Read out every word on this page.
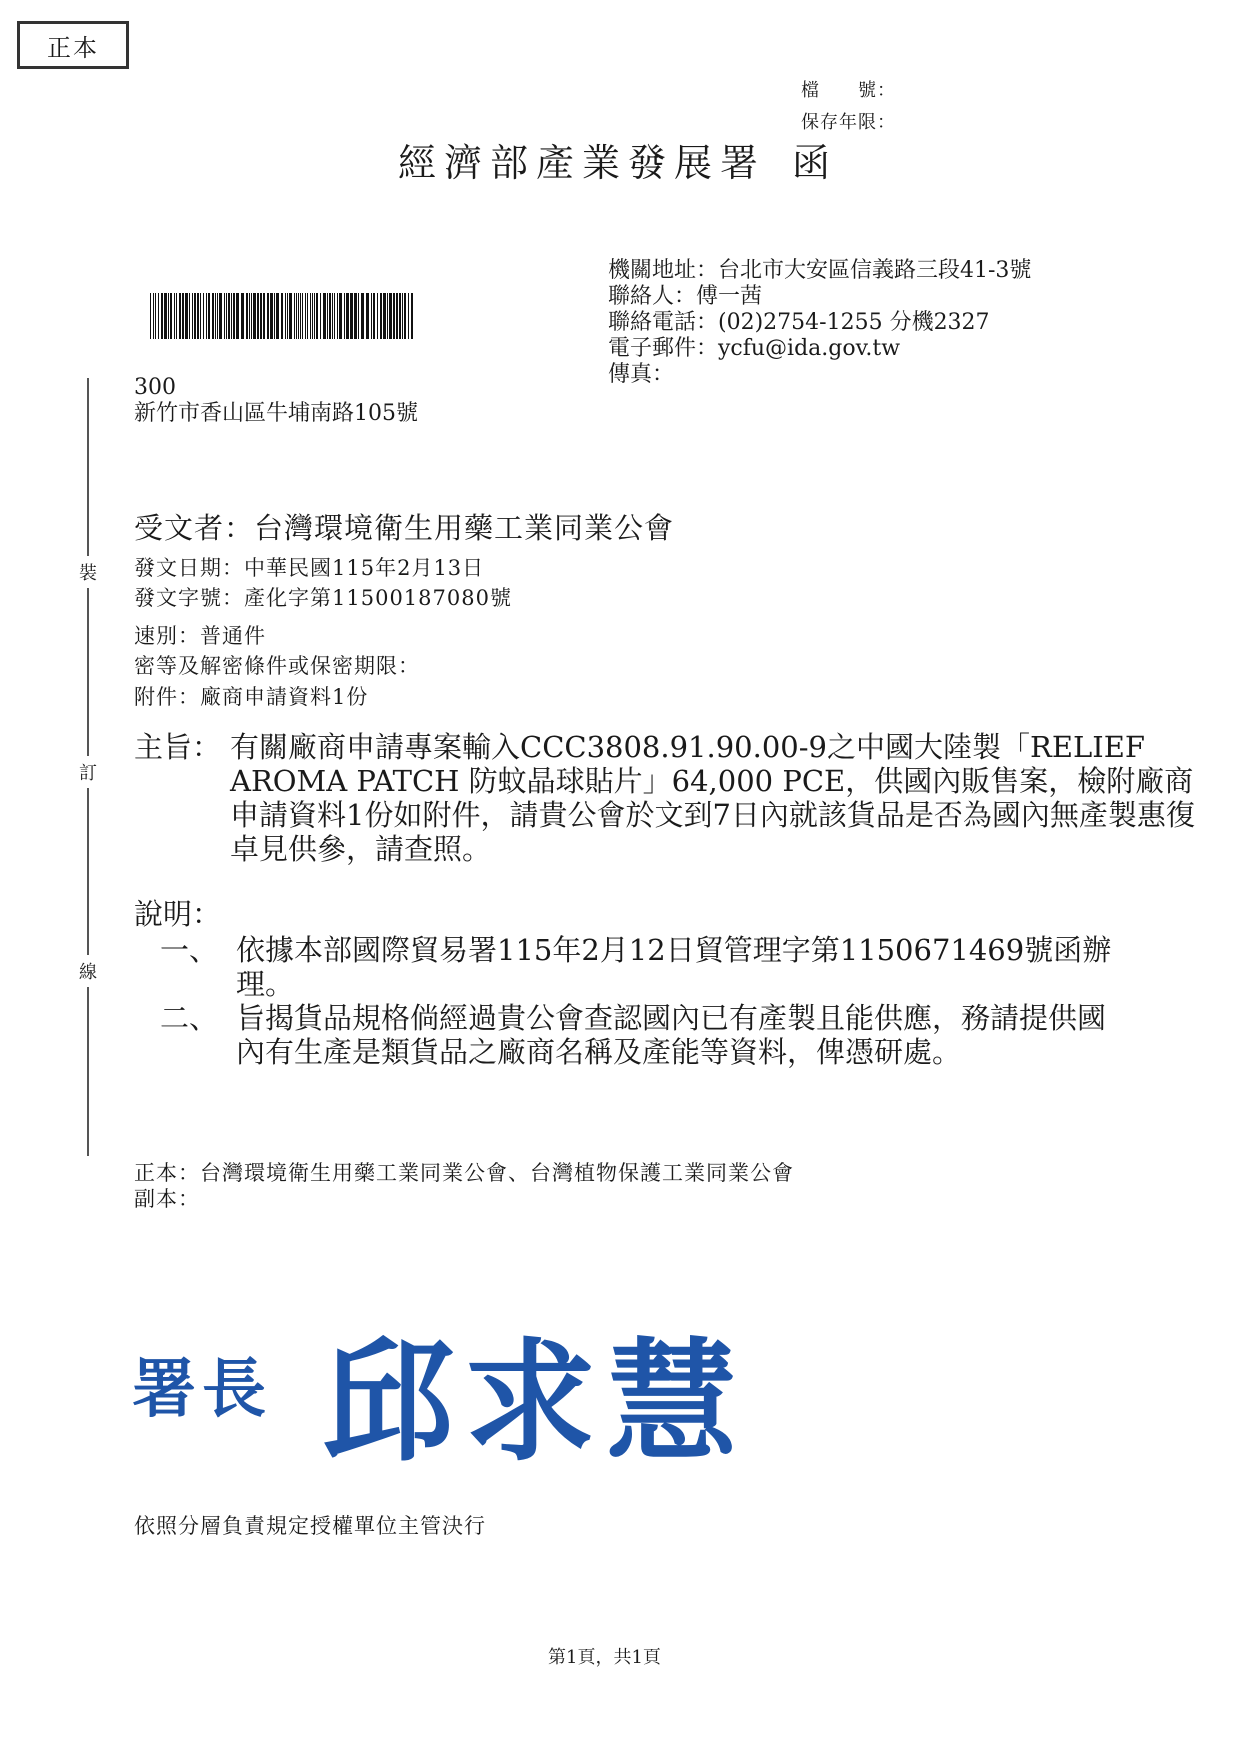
正本
檔　　號：
保存年限：
經濟部產業發展署 函
機關地址：台北市大安區信義路三段41-3號
聯絡人：傅一茜
聯絡電話：(02)2754-1255 分機2327
電子郵件：ycfu@ida.gov.tw
傳真：
300
新竹市香山區牛埔南路105號
裝
訂
線
受文者：台灣環境衛生用藥工業同業公會
發文日期：中華民國115年2月13日
發文字號：產化字第11500187080號
速別：普通件
密等及解密條件或保密期限：
附件：廠商申請資料1份
主旨： 有關廠商申請專案輸入CCC3808.91.90.00-9之中國大陸製「RELIEF AROMA PATCH 防蚊晶球貼片」64,000 PCE，供國內販售案，檢附廠商申請資料1份如附件，請貴公會於文到7日內就該貨品是否為國內無產製惠復卓見供參，請查照。
說明：
一、 依據本部國際貿易署115年2月12日貿管理字第1150671469號函辦理。
二、 旨揭貨品規格倘經過貴公會查認國內已有產製且能供應，務請提供國內有生產是類貨品之廠商名稱及產能等資料，俾憑研處。
正本：台灣環境衛生用藥工業同業公會、台灣植物保護工業同業公會
副本：
署長 邱求慧
依照分層負責規定授權單位主管決行
第1頁，共1頁
